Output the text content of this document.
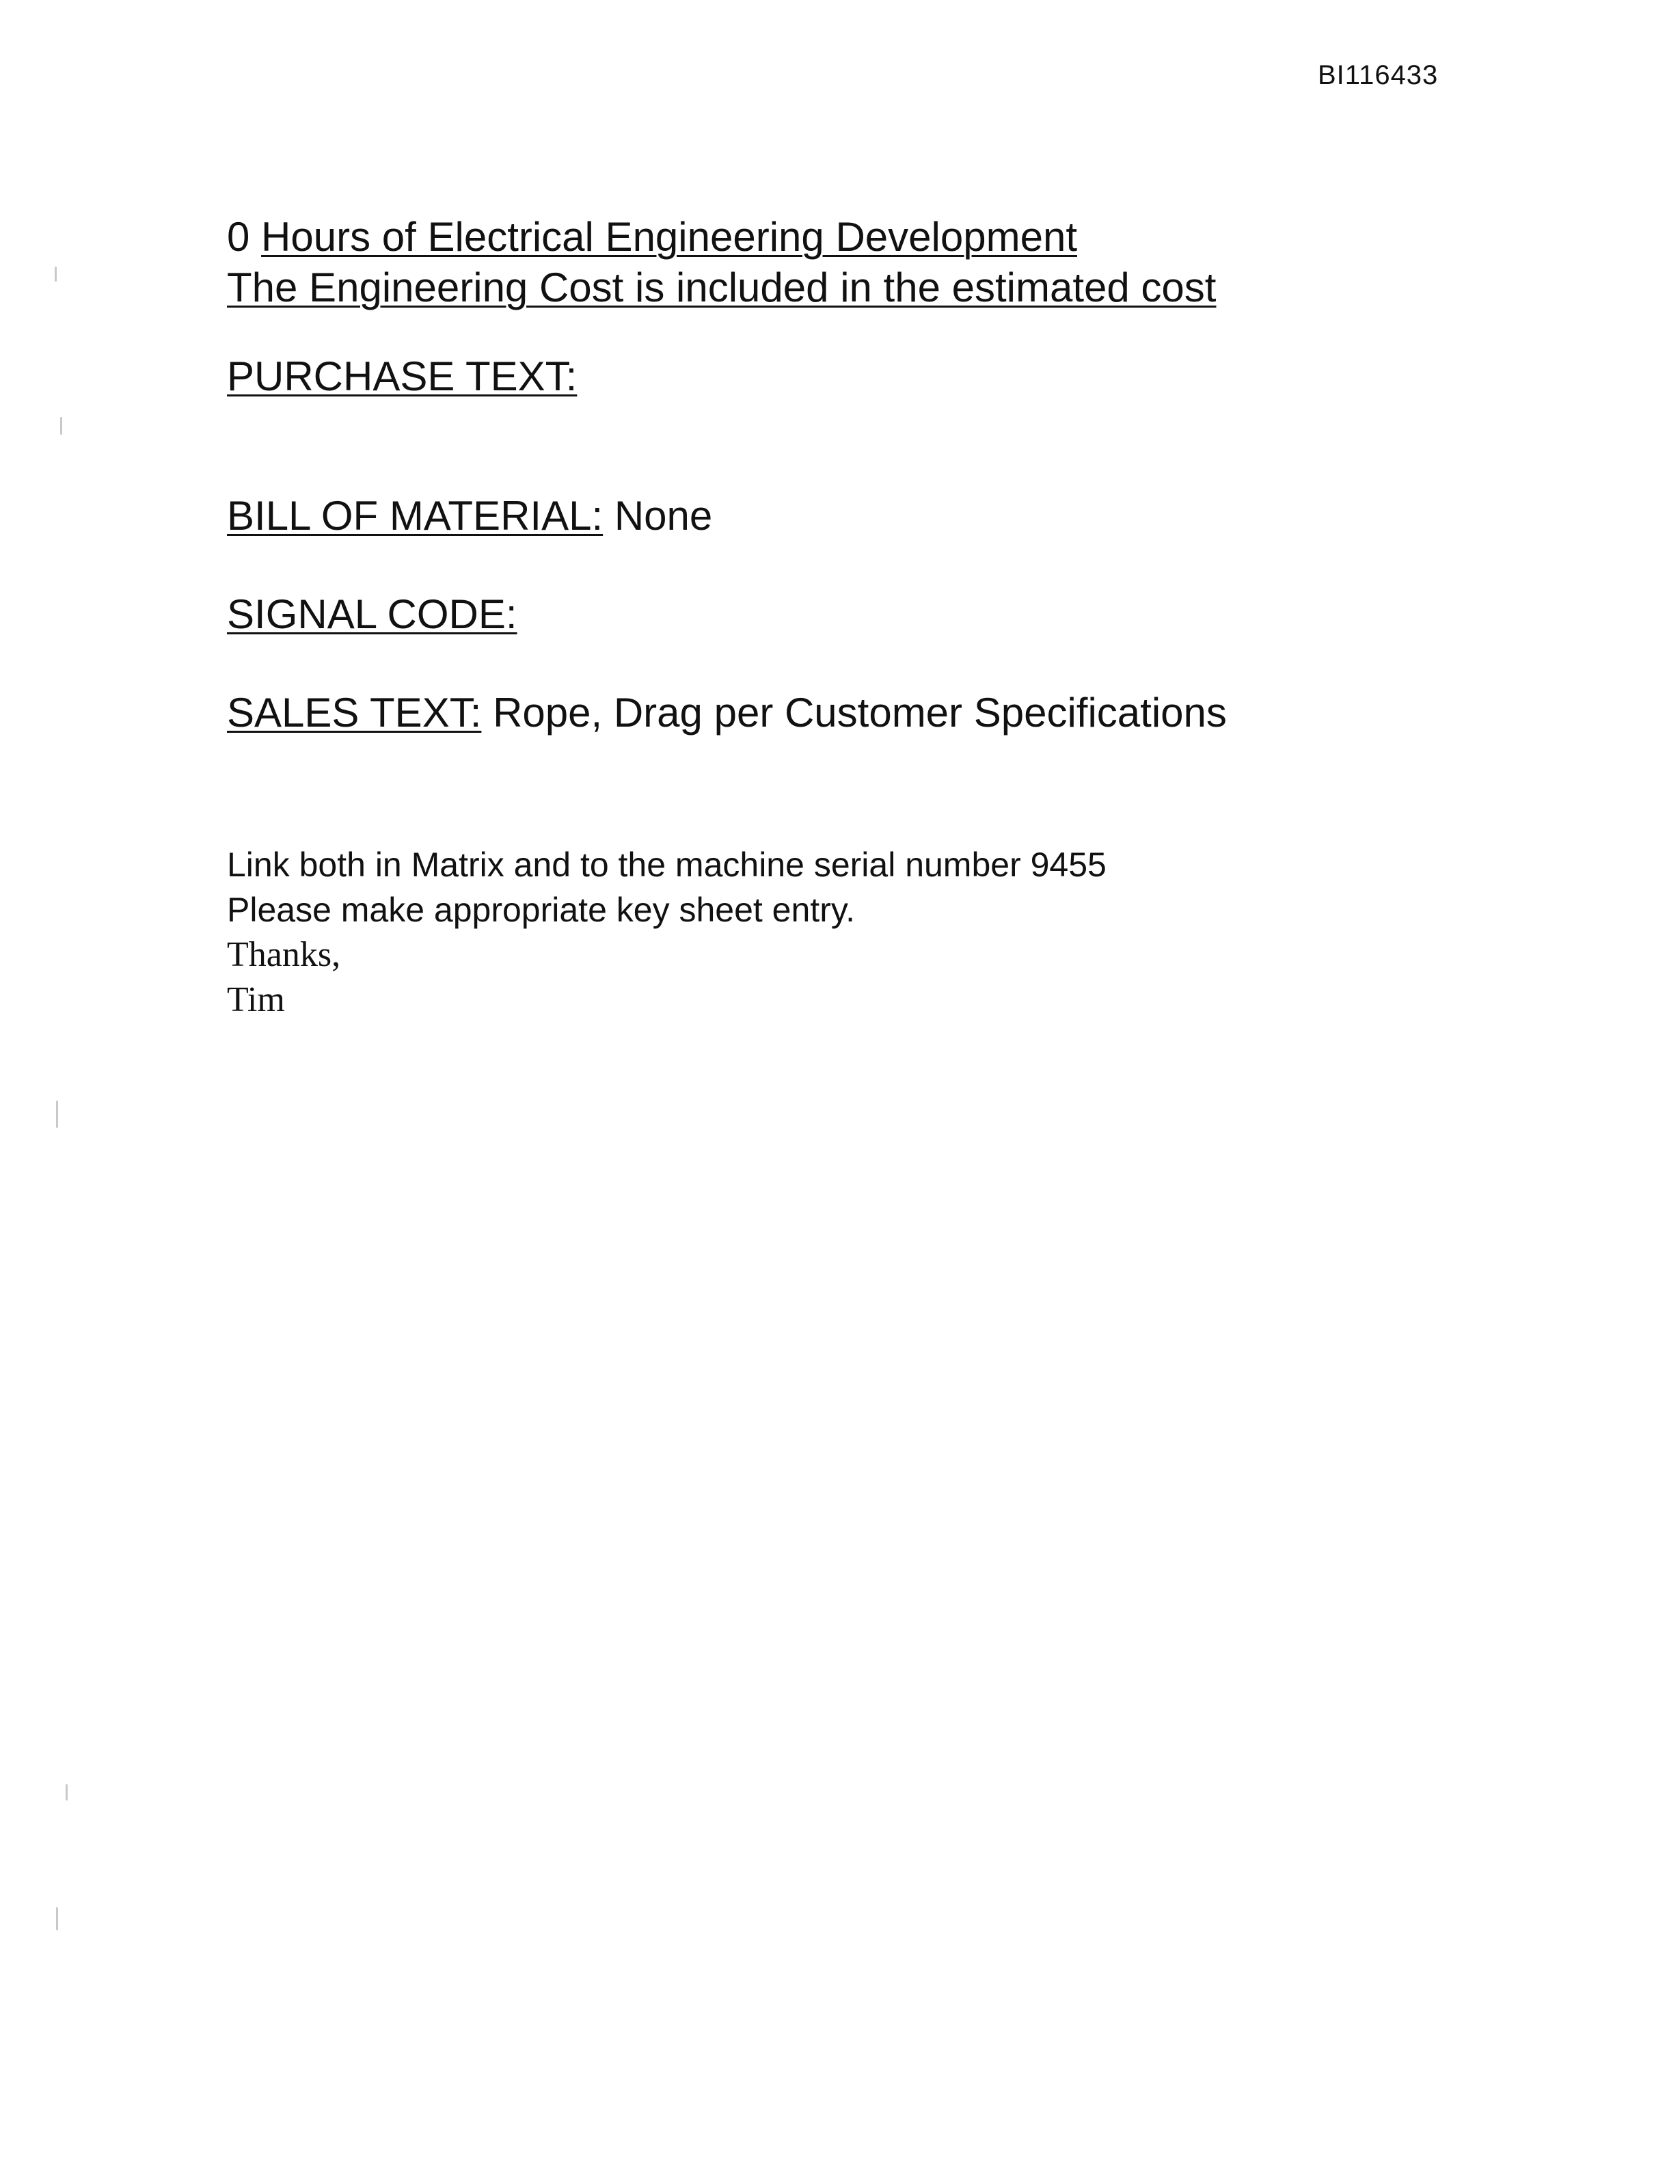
BI116433
0 Hours of Electrical Engineering Development
The Engineering Cost is included in the estimated cost
PURCHASE TEXT:
BILL OF MATERIAL: None
SIGNAL CODE:
SALES TEXT: Rope, Drag per Customer Specifications
Link both in Matrix and to the machine serial number 9455
Please make appropriate key sheet entry.
Thanks,
Tim
